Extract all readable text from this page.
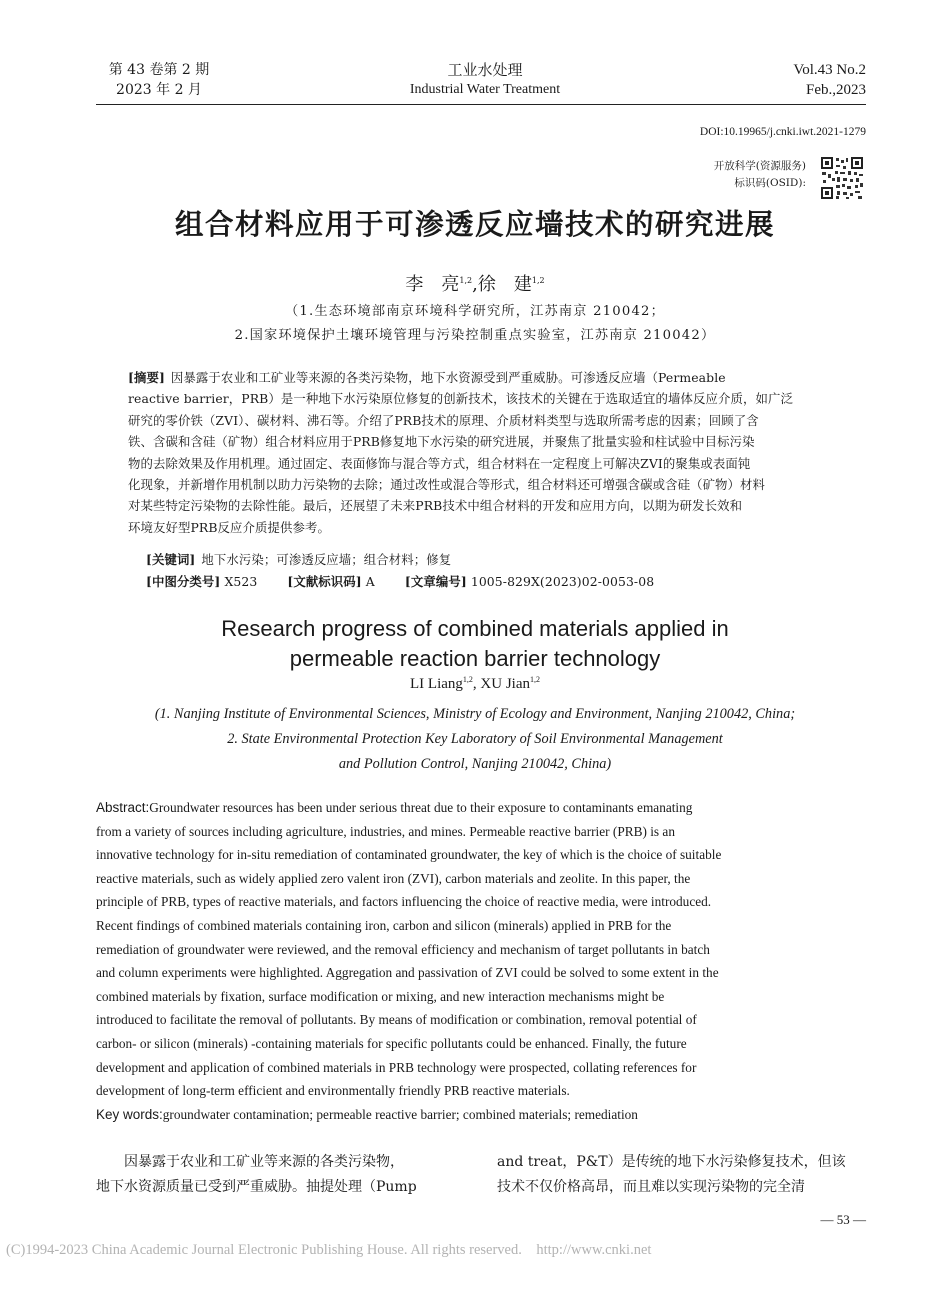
第 43 卷第 2 期
2023 年 2 月
工业水处理
Industrial Water Treatment
Vol.43 No.2
Feb.,2023
DOI:10.19965/j.cnki.iwt.2021-1279
开放科学(资源服务)
标识码(OSID):
组合材料应用于可渗透反应墙技术的研究进展
李　亮$^{1,2}$,徐　建$^{1,2}$
（1.生态环境部南京环境科学研究所，江苏南京 210042；
2.国家环境保护土壤环境管理与污染控制重点实验室，江苏南京 210042）
[摘要] 因暴露于农业和工矿业等来源的各类污染物，地下水资源受到严重威胁。可渗透反应墙（Permeable
reactive barrier，PRB）是一种地下水污染原位修复的创新技术，该技术的关键在于选取适宜的墙体反应介质，如广泛
研究的零价铁（ZVI）、碳材料、沸石等。介绍了PRB技术的原理、介质材料类型与选取所需考虑的因素；回顾了含
铁、含碳和含硅（矿物）组合材料应用于PRB修复地下水污染的研究进展，并聚焦了批量实验和柱试验中目标污染
物的去除效果及作用机理。通过固定、表面修饰与混合等方式，组合材料在一定程度上可解决ZVI的聚集或表面钝
化现象，并新增作用机制以助力污染物的去除；通过改性或混合等形式，组合材料还可增强含碳或含硅（矿物）材料
对某些特定污染物的去除性能。最后，还展望了未来PRB技术中组合材料的开发和应用方向，以期为研发长效和
环境友好型PRB反应介质提供参考。
[关键词] 地下水污染；可渗透反应墙；组合材料；修复
[中图分类号] X523 [文献标识码] A [文章编号] 1005-829X(2023)02-0053-08
Research progress of combined materials applied in
permeable reaction barrier technology
LI Liang$^{1,2}$, XU Jian$^{1,2}$
(1. Nanjing Institute of Environmental Sciences, Ministry of Ecology and Environment, Nanjing 210042, China;
2. State Environmental Protection Key Laboratory of Soil Environmental Management
and Pollution Control, Nanjing 210042, China)
Abstract:Groundwater resources has been under serious threat due to their exposure to contaminants emanating
from a variety of sources including agriculture, industries, and mines. Permeable reactive barrier (PRB) is an
innovative technology for in-situ remediation of contaminated groundwater, the key of which is the choice of suitable
reactive materials, such as widely applied zero valent iron (ZVI), carbon materials and zeolite. In this paper, the
principle of PRB, types of reactive materials, and factors influencing the choice of reactive media, were introduced.
Recent findings of combined materials containing iron, carbon and silicon (minerals) applied in PRB for the
remediation of groundwater were reviewed, and the removal efficiency and mechanism of target pollutants in batch
and column experiments were highlighted. Aggregation and passivation of ZVI could be solved to some extent in the
combined materials by fixation, surface modification or mixing, and new interaction mechanisms might be
introduced to facilitate the removal of pollutants. By means of modification or combination, removal potential of
carbon- or silicon (minerals) -containing materials for specific pollutants could be enhanced. Finally, the future
development and application of combined materials in PRB technology were prospected, collating references for
development of long-term efficient and environmentally friendly PRB reactive materials.
Key words:groundwater contamination; permeable reactive barrier; combined materials; remediation
因暴露于农业和工矿业等来源的各类污染物，
地下水资源质量已受到严重威胁。抽提处理（Pump
and treat，P&T）是传统的地下水污染修复技术，但该
技术不仅价格高昂，而且难以实现污染物的完全清
— 53 —
(C)1994-2023 China Academic Journal Electronic Publishing House. All rights reserved.    http://www.cnki.net
